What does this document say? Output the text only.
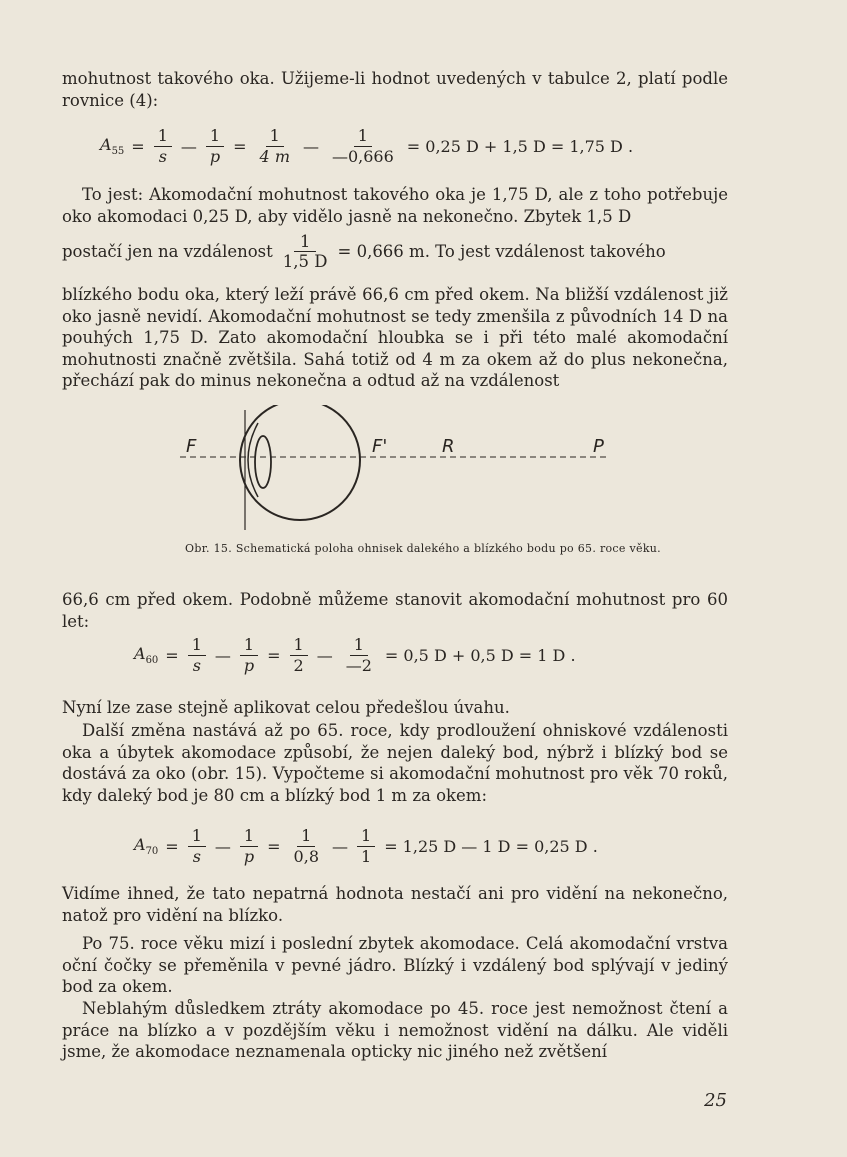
mohutnost takového oka. Užijeme-li hodnot uvedených v tabulce 2, platí podle rovnice (4):

$A_{55} = \frac{1}{s}$ — $\frac{1}{p} = \frac{1}{4 m}$ — $\frac{1}{—0,666} = 0,25$ D + 1,5 D = 1,75 D .

To jest: Akomodační mohutnost takového oka je 1,75 D, ale z toho potřebuje oko akomodaci 0,25 D, aby vidělo jasně na nekonečno. Zbytek 1,5 D

postačí jen na vzdálenost $\frac{1}{1,5 D} = 0,666$ m. To jest vzdálenost takového

blízkého bodu oka, který leží právě 66,6 cm před okem. Na bližší vzdálenost již oko jasně nevidí. Akomodační mohutnost se tedy zmenšila z původních 14 D na pouhých 1,75 D. Zato akomodační hloubka se i při této malé akomodační mohutnosti značně zvětšila. Sahá totiž od 4 m za okem až do plus nekonečna, přechází pak do minus nekonečna a odtud až na vzdálenost

F	F'	R	P
Obr. 15. Schematická poloha ohnisek dalekého a blízkého bodu po 65. roce věku.

66,6 cm před okem. Podobně můžeme stanovit akomodační mohutnost pro 60 let:

$A_{60} = \frac{1}{s}$ — $\frac{1}{p} = \frac{1}{2}$ — $\frac{1}{—2} = 0,5$ D + 0,5 D = 1 D .

Nyní lze zase stejně aplikovat celou předešlou úvahu.

Další změna nastává až po 65. roce, kdy prodloužení ohniskové vzdálenosti oka a úbytek akomodace způsobí, že nejen daleký bod, nýbrž i blízký bod se dostává za oko (obr. 15). Vypočteme si akomodační mohutnost pro věk 70 roků, kdy daleký bod je 80 cm a blízký bod 1 m za okem:

$A_{70} = \frac{1}{s}$ — $\frac{1}{p} = \frac{1}{0,8}$ — $\frac{1}{1} = 1,25$ D — 1 D = 0,25 D .

Vidíme ihned, že tato nepatrná hodnota nestačí ani pro vidění na nekonečno, natož pro vidění na blízko.

Po 75. roce věku mizí i poslední zbytek akomodace. Celá akomodační vrstva oční čočky se přeměnila v pevné jádro. Blízký i vzdálený bod splývají v jediný bod za okem.

Neblahým důsledkem ztráty akomodace po 45. roce jest nemožnost čtení a práce na blízko a v pozdějším věku i nemožnost vidění na dálku. Ale viděli jsme, že akomodace neznamenala opticky nic jiného než zvětšení

25
